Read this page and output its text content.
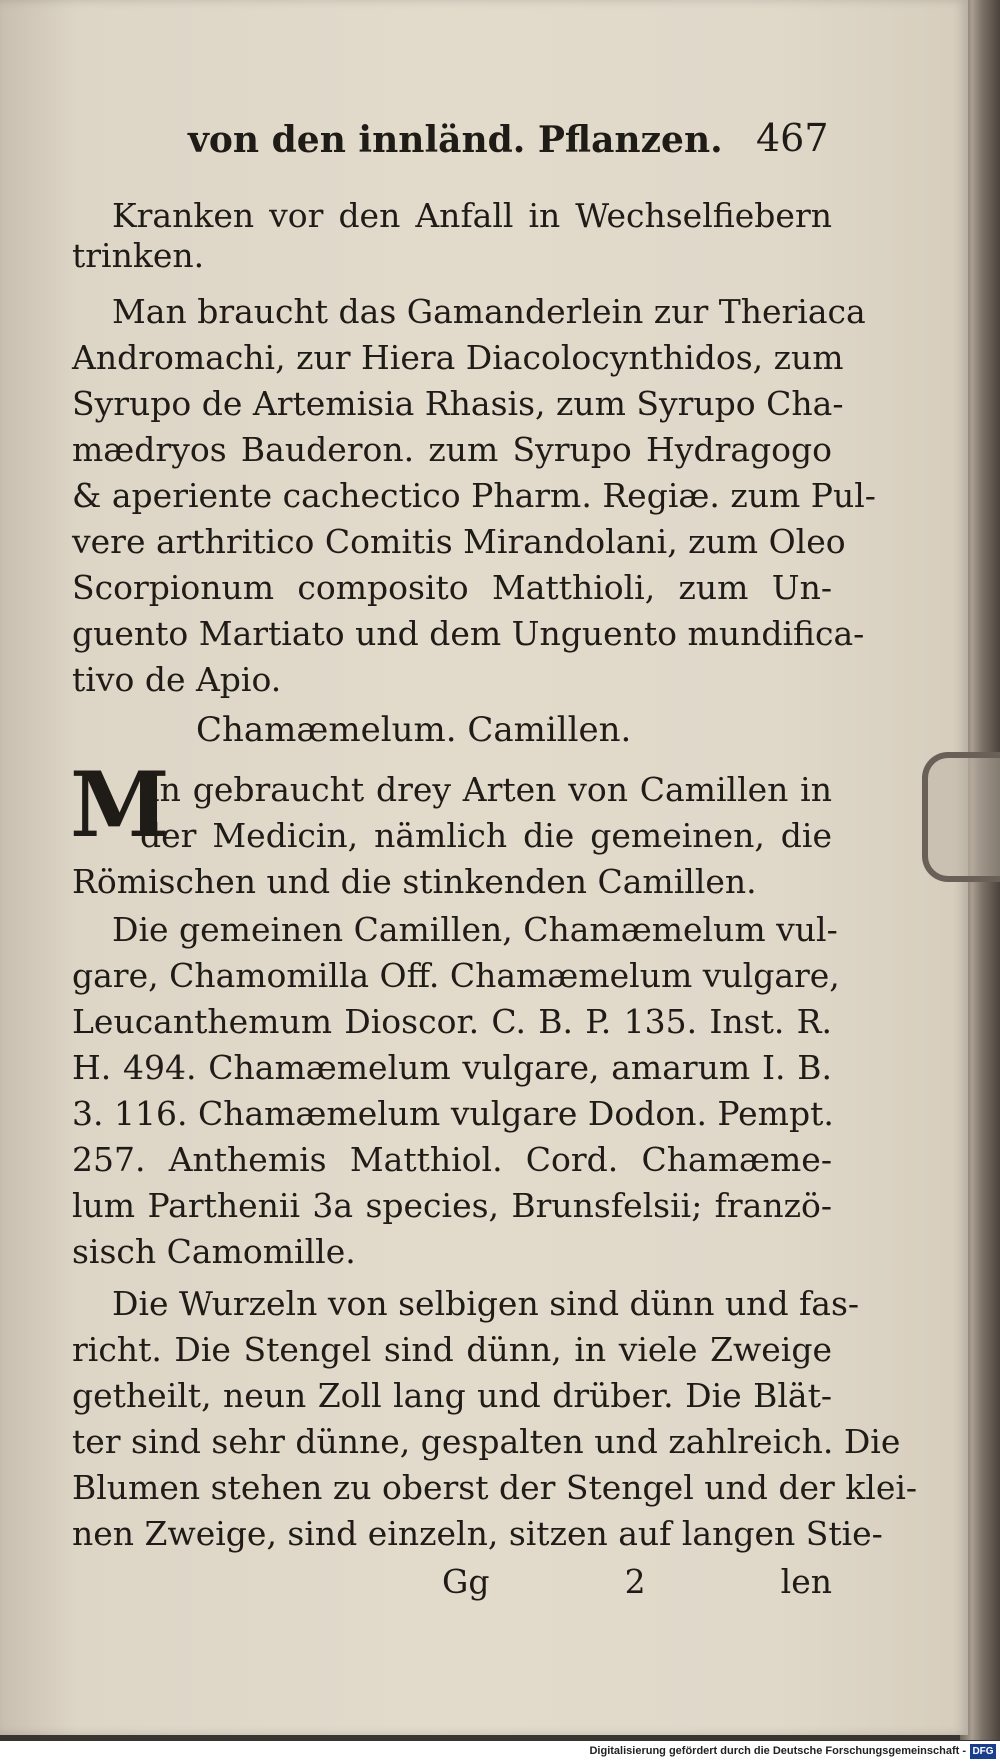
von den innländ. Pflanzen. 467
Kranken vor den Anfall in Wechselfiebern
trinken.
Man braucht das Gamanderlein zur Theriaca
Andromachi, zur Hiera Diacolocynthidos, zum
Syrupo de Artemisia Rhasis, zum Syrupo Cha-
mædryos Bauderon. zum Syrupo Hydragogo
& aperiente cachectico Pharm. Regiæ. zum Pul-
vere arthritico Comitis Mirandolani, zum Oleo
Scorpionum composito Matthioli, zum Un-
guento Martiato und dem Unguento mundifica-
tivo de Apio.
Chamæmelum. Camillen.
M
an gebraucht drey Arten von Camillen in
der Medicin, nämlich die gemeinen, die
Römischen und die stinkenden Camillen.
Die gemeinen Camillen, Chamæmelum vul-
gare, Chamomilla Off. Chamæmelum vulgare,
Leucanthemum Dioscor. C. B. P. 135. Inst. R.
H. 494. Chamæmelum vulgare, amarum I. B.
3. 116. Chamæmelum vulgare Dodon. Pempt.
257. Anthemis Matthiol. Cord. Chamæme-
lum Parthenii 3a species, Brunsfelsii; franzö-
sisch Camomille.
Die Wurzeln von selbigen sind dünn und fas-
richt. Die Stengel sind dünn, in viele Zweige
getheilt, neun Zoll lang und drüber. Die Blät-
ter sind sehr dünne, gespalten und zahlreich. Die
Blumen stehen zu oberst der Stengel und der klei-
nen Zweige, sind einzeln, sitzen auf langen Stie-
Gg 2 len
Digitalisierung gefördert durch die Deutsche Forschungsgemeinschaft - DFG
